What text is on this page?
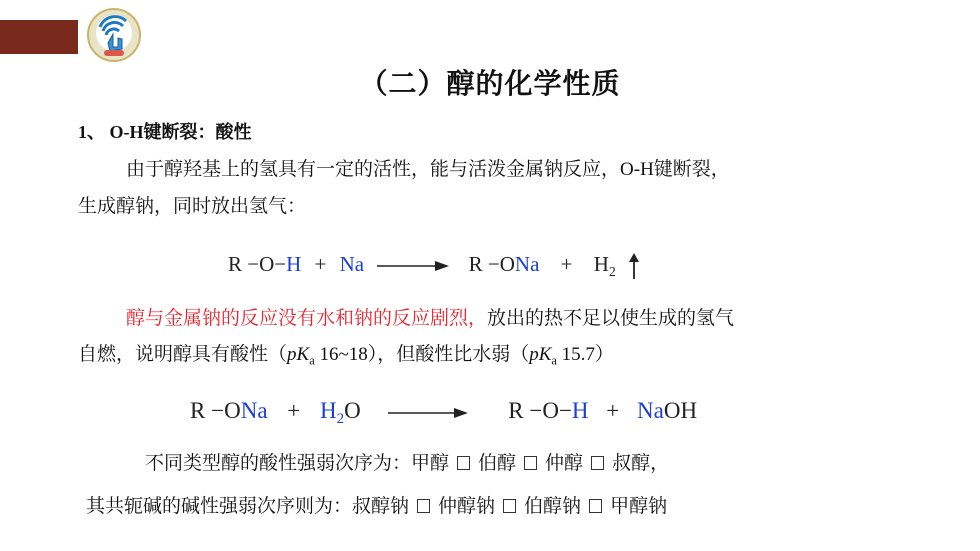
（二）醇的化学性质
1、 O-H键断裂：酸性
由于醇羟基上的氢具有一定的活性，能与活泼金属钠反应，O-H键断裂，
生成醇钠，同时放出氢气：
R −O−H + Na	R −ONa + H2
醇与金属钠的反应没有水和钠的反应剧烈，放出的热不足以使生成的氢气
自燃，说明醇具有酸性（$pK_a$ 16~18），但酸性比水弱（$pK_a$ 15.7）
R −ONa + H2O	R −O−H + NaOH
不同类型醇的酸性强弱次序为：甲醇 伯醇 仲醇 叔醇，
其共轭碱的碱性强弱次序则为：叔醇钠 仲醇钠 伯醇钠 甲醇钠
